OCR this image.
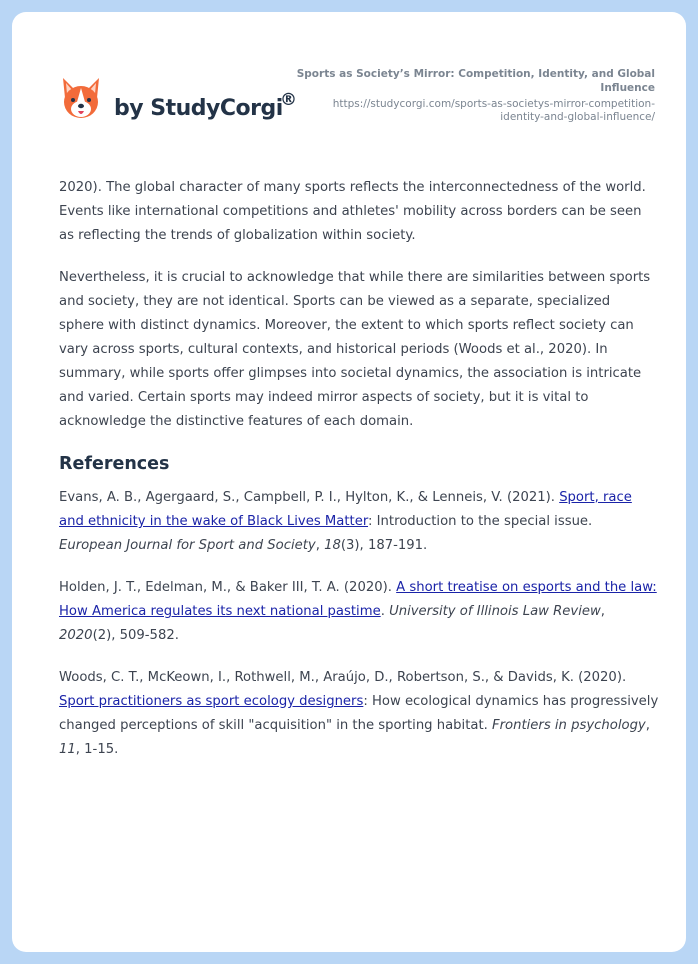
by StudyCorgi
®
Sports as Society’s Mirror: Competition, Identity, and Global Influence
https://studycorgi.com/sports-as-societys-mirror-competition-identity-and-global-influence/

2020). The global character of many sports reflects the interconnectedness of the world. Events like international competitions and athletes' mobility across borders can be seen as reflecting the trends of globalization within society.

Nevertheless, it is crucial to acknowledge that while there are similarities between sports and society, they are not identical. Sports can be viewed as a separate, specialized sphere with distinct dynamics. Moreover, the extent to which sports reflect society can vary across sports, cultural contexts, and historical periods (Woods et al., 2020). In summary, while sports offer glimpses into societal dynamics, the association is intricate and varied. Certain sports may indeed mirror aspects of society, but it is vital to acknowledge the distinctive features of each domain.

References

Evans, A. B., Agergaard, S., Campbell, P. I., Hylton, K., & Lenneis, V. (2021). Sport, race and ethnicity in the wake of Black Lives Matter: Introduction to the special issue. European Journal for Sport and Society, 18(3), 187-191.

Holden, J. T., Edelman, M., & Baker III, T. A. (2020). A short treatise on esports and the law: How America regulates its next national pastime. University of Illinois Law Review, 2020(2), 509-582.

Woods, C. T., McKeown, I., Rothwell, M., Araújo, D., Robertson, S., & Davids, K. (2020). Sport practitioners as sport ecology designers: How ecological dynamics has progressively changed perceptions of skill "acquisition" in the sporting habitat. Frontiers in psychology, 11, 1-15.
